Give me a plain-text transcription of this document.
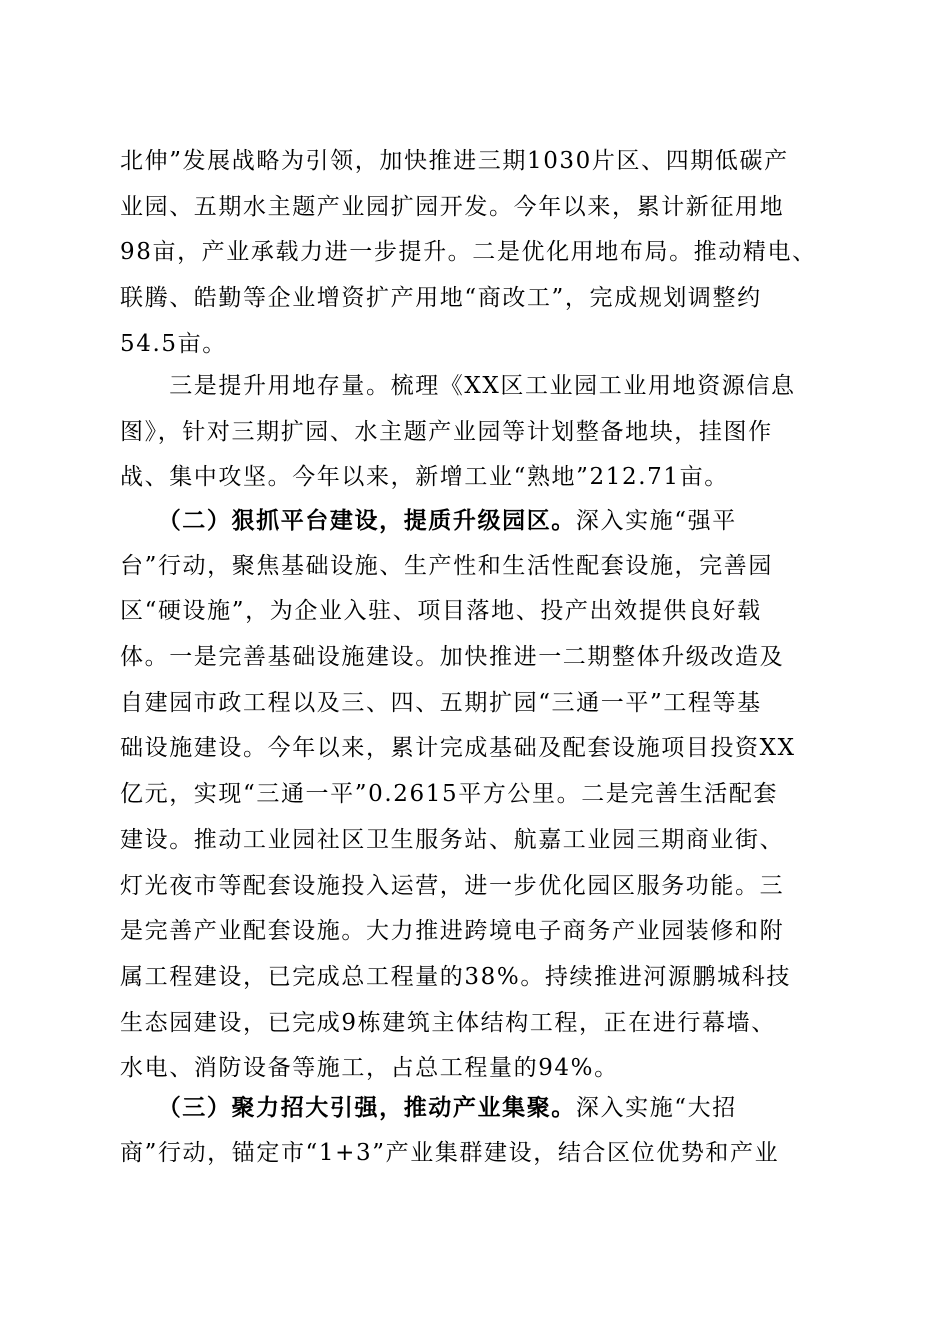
北伸”发展战略为引领，加快推进三期1030片区、四期低碳产
业园、五期水主题产业园扩园开发。今年以来，累计新征用地
98亩，产业承载力进一步提升。二是优化用地布局。推动精电、
联腾、皓勤等企业增资扩产用地“商改工”，完成规划调整约
54.5亩。
　　三是提升用地存量。梳理《XX区工业园工业用地资源信息
图》，针对三期扩园、水主题产业园等计划整备地块，挂图作
战、集中攻坚。今年以来，新增工业“熟地”212.71亩。
　　（二）狠抓平台建设，提质升级园区。深入实施“强平
台”行动，聚焦基础设施、生产性和生活性配套设施，完善园
区“硬设施”，为企业入驻、项目落地、投产出效提供良好载
体。一是完善基础设施建设。加快推进一二期整体升级改造及
自建园市政工程以及三、四、五期扩园“三通一平”工程等基
础设施建设。今年以来，累计完成基础及配套设施项目投资XX
亿元，实现“三通一平”0.2615平方公里。二是完善生活配套
建设。推动工业园社区卫生服务站、航嘉工业园三期商业街、
灯光夜市等配套设施投入运营，进一步优化园区服务功能。三
是完善产业配套设施。大力推进跨境电子商务产业园装修和附
属工程建设，已完成总工程量的38%。持续推进河源鹏城科技
生态园建设，已完成9栋建筑主体结构工程，正在进行幕墙、
水电、消防设备等施工，占总工程量的94%。
　　（三）聚力招大引强，推动产业集聚。深入实施“大招
商”行动，锚定市“1+3”产业集群建设，结合区位优势和产业
